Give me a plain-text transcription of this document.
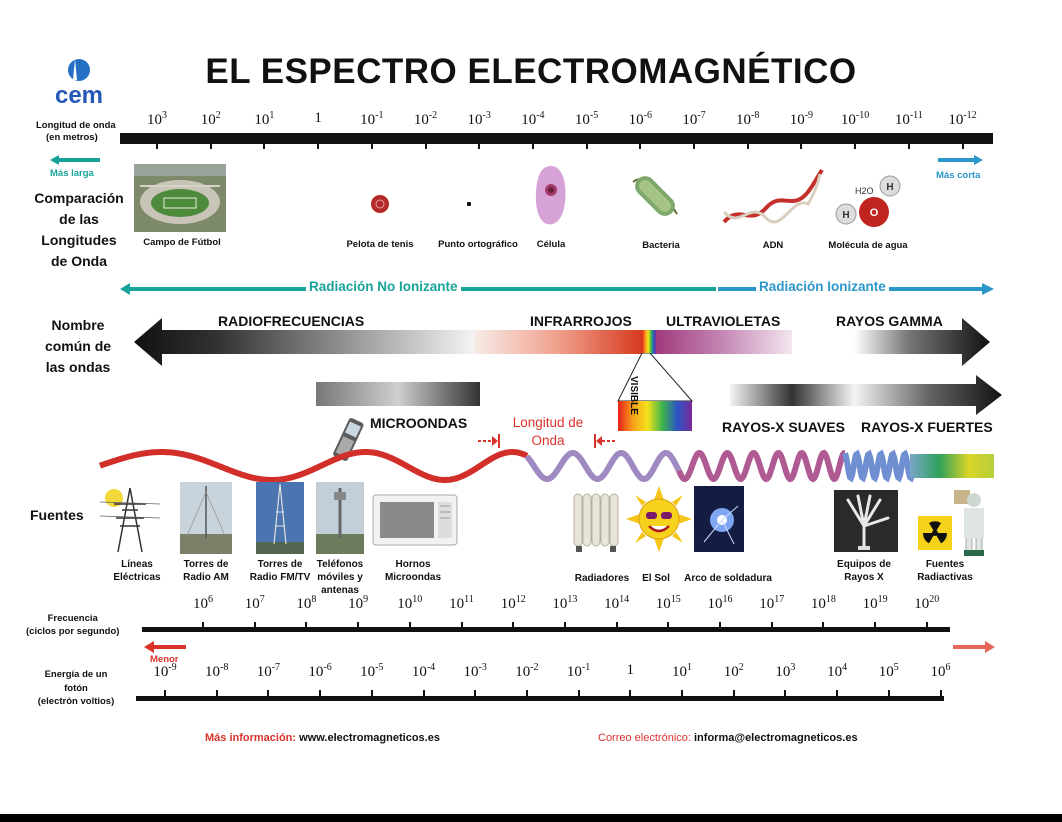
EL ESPECTRO ELECTROMAGNÉTICO
cem
Longitud de onda
(en metros)
$10^3$	$10^2$	$10^1$	1	$10^{-1}$	$10^{-2}$	$10^{-3}$	$10^{-4}$	$10^{-5}$	$10^{-6}$	$10^{-7}$	$10^{-8}$	$10^{-9}$	$10^{-10}$	$10^{-11}$	$10^{-12}$
Más larga	Más corta
Comparación
de las
Longitudes
de Onda
Campo de Fútbol	Pelota de tenis	Punto ortográfico	Célula	Bacteria	ADN
H
H O
H2O
Molécula de agua
Radiación No Ionizante	Radiación Ionizante
Nombre
común de
las ondas
RADIOFRECUENCIAS	INFRARROJOS ULTRAVIOLETAS	RAYOS GAMMA
VISIBLE
MICROONDAS	Longitud de
Onda
RAYOS-X SUAVES RAYOS-X FUERTES
Fuentes
Líneas
Eléctricas
Torres de
Radio AM
Torres de
Radio FM/TV
Teléfonos
móviles y
antenas
Hornos
Microondas	Radiadores	El Sol	Arco de soldadura
Equipos de
Rayos X
Fuentes
Radiactivas
Frecuencia
(ciclos por segundo)
$10^6$	$10^7$	$10^8$	$10^9$	$10^{10}$	$10^{11}$	$10^{12}$	$10^{13}$	$10^{14}$	$10^{15}$	$10^{16}$	$10^{17}$	$10^{18}$	$10^{19}$	$10^{20}$
Menor
Energía de un
fotón
(electrón voltios)
$10^{-9}$	$10^{-8}$	$10^{-7}$	$10^{-6}$	$10^{-5}$	$10^{-4}$	$10^{-3}$	$10^{-2}$	$10^{-1}$	1	$10^1$	$10^2$	$10^3$	$10^4$	$10^5$	$10^6$
Más información: www.electromagneticos.es	Correo electrónico: informa@electromagneticos.es
